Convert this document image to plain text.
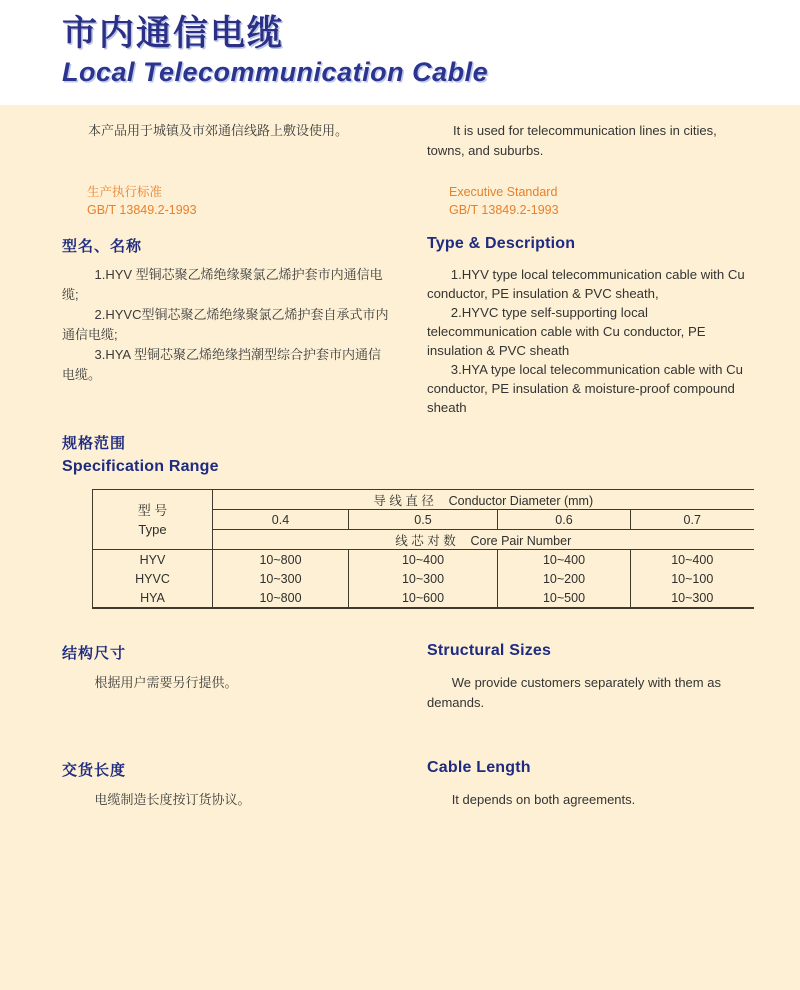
市内通信电缆
Local Telecommunication Cable

本产品用于城镇及市郊通信线路上敷设使用。	It is used for telecommunication lines in cities, towns, and suburbs.

生产执行标准

GB/T 13849.2-1993

Executive Standard

GB/T 13849.2-1993

型名、名称	Type & Description

1.HYV 型铜芯聚乙烯绝缘聚氯乙烯护套市内通信电缆;

2.HYVC型铜芯聚乙烯绝缘聚氯乙烯护套自承式市内通信电缆;

3.HYA 型铜芯聚乙烯绝缘挡潮型综合护套市内通信电缆。

1.HYV type local telecommunication cable with Cu conductor, PE insulation & PVC sheath,

2.HYVC type self-supporting local telecommunication cable with Cu conductor, PE insulation & PVC sheath

3.HYA type local telecommunication cable with Cu conductor, PE insulation & moisture-proof compound sheath

规格范围
Specification Range
型 号
Type	导线直径 Conductor Diameter (mm)			
	0.4	0.5	0.6	0.7
	线芯对数 Core Pair Number			
HYV	10~800	10~400	10~400	10~400
HYVC	10~300	10~300	10~200	10~100
HYA	10~800	10~600	10~500	10~300
结构尺寸	Structural Sizes

根据用户需要另行提供。	We provide customers separately with them as demands.

交货长度	Cable Length

电缆制造长度按订货协议。	It depends on both agreements.
